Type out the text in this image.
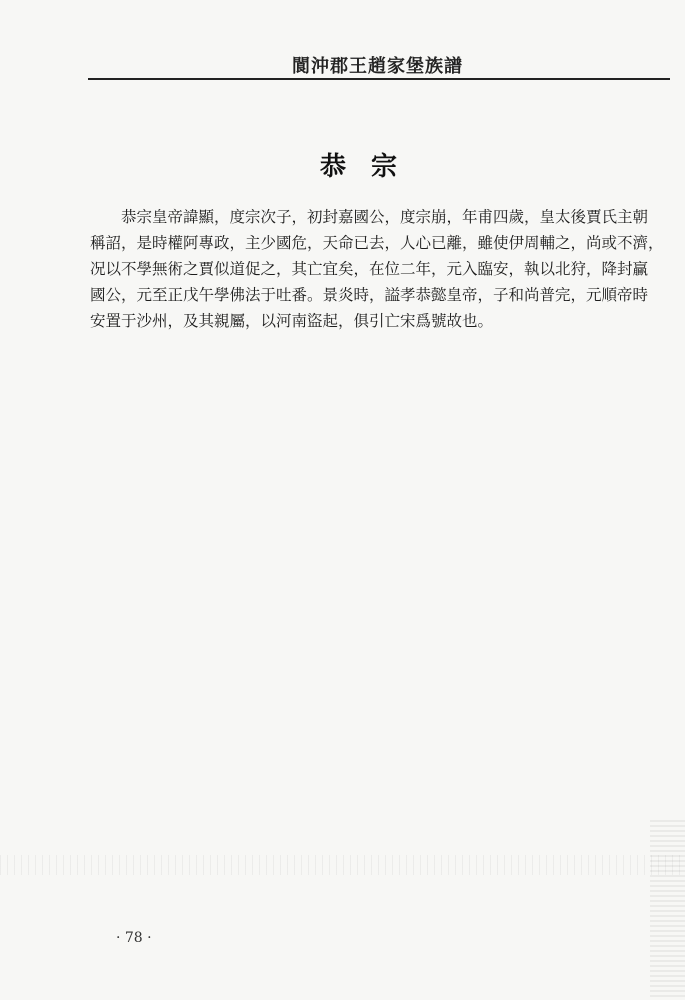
閬沖郡王趙家堡族譜
恭 宗

恭宗皇帝諱顯，度宗次子，初封嘉國公，度宗崩，年甫四歲，皇太後賈氏主朝

稱詔，是時權阿專政，主少國危，天命已去，人心已離，雖使伊周輔之，尚或不濟，

况以不學無術之賈似道促之，其亡宜矣，在位二年，元入臨安，執以北狩，降封贏

國公，元至正戊午學佛法于吐番。景炎時，謚孝恭懿皇帝，子和尚普完，元順帝時

安置于沙州，及其親屬，以河南盜起，俱引亡宋爲號故也。

· 78 ·
